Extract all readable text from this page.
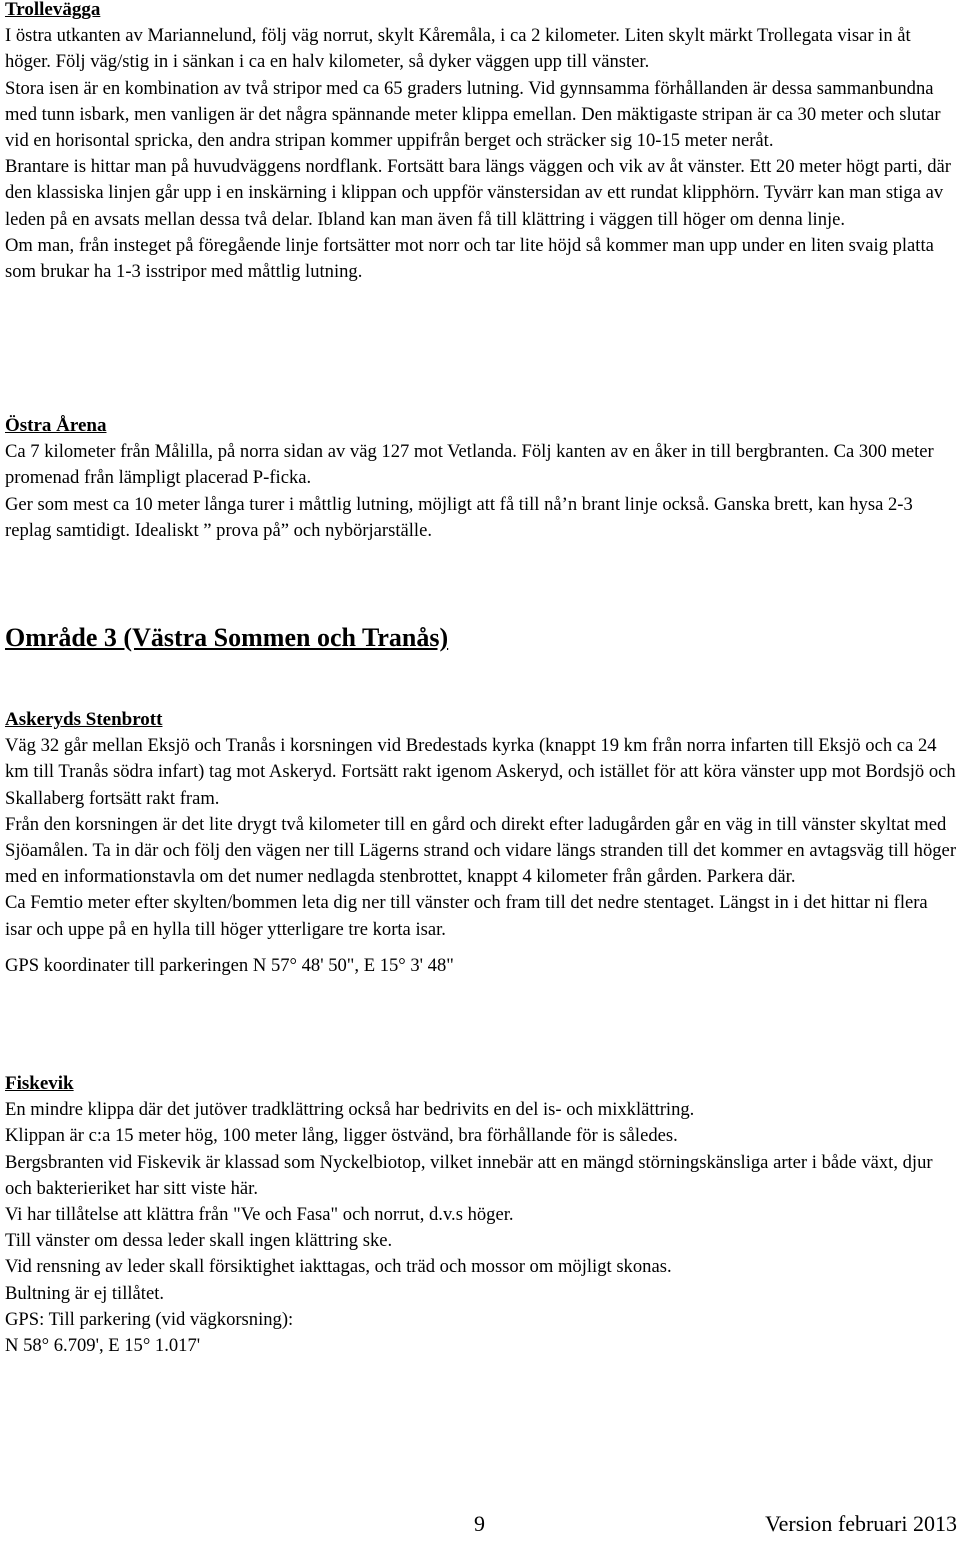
Trollevägga

I östra utkanten av Mariannelund, följ väg norrut, skylt Kåremåla, i ca 2 kilometer. Liten skylt märkt Trollegata visar in åt höger. Följ väg/stig in i sänkan i ca en halv kilometer, så dyker väggen upp till vänster.

Stora isen är en kombination av två stripor med ca 65 graders lutning. Vid gynnsamma förhållanden är dessa sammanbundna med tunn isbark, men vanligen är det några spännande meter klippa emellan. Den mäktigaste stripan är ca 30 meter och slutar vid en horisontal spricka, den andra stripan kommer uppifrån berget och sträcker sig 10-15 meter neråt.

Brantare is hittar man på huvudväggens nordflank. Fortsätt bara längs väggen och vik av åt vänster. Ett 20 meter högt parti, där den klassiska linjen går upp i en inskärning i klippan och uppför vänstersidan av ett rundat klipphörn. Tyvärr kan man stiga av leden på en avsats mellan dessa två delar. Ibland kan man även få till klättring i väggen till höger om denna linje.

Om man, från insteget på föregående linje fortsätter mot norr och tar lite höjd så kommer man upp under en liten svaig platta som brukar ha 1-3 isstripor med måttlig lutning.

Östra Årena

Ca 7 kilometer från Målilla, på norra sidan av väg 127 mot Vetlanda. Följ kanten av en åker in till bergbranten. Ca 300 meter promenad från lämpligt placerad P-ficka.

Ger som mest ca 10 meter långa turer i måttlig lutning, möjligt att få till nå’n brant linje också. Ganska brett, kan hysa 2-3 replag samtidigt. Idealiskt ” prova på” och nybörjarställe.

Område 3 (Västra Sommen och Tranås)

Askeryds Stenbrott

Väg 32 går mellan Eksjö och Tranås i korsningen vid Bredestads kyrka (knappt 19 km från norra infarten till Eksjö och ca 24 km till Tranås södra infart) tag mot Askeryd. Fortsätt rakt igenom Askeryd, och istället för att köra vänster upp mot Bordsjö och Skallaberg fortsätt rakt fram.

Från den korsningen är det lite drygt två kilometer till en gård och direkt efter ladugården går en väg in till vänster skyltat med Sjöamålen. Ta in där och följ den vägen ner till Lägerns strand och vidare längs stranden till det kommer en avtagsväg till höger med en informationstavla om det numer nedlagda stenbrottet, knappt 4 kilometer från gården. Parkera där.

Ca Femtio meter efter skylten/bommen leta dig ner till vänster och fram till det nedre stentaget. Längst in i det hittar ni flera isar och uppe på en hylla till höger ytterligare tre korta isar.

GPS koordinater till parkeringen N 57° 48' 50", E 15° 3' 48"

Fiskevik

En mindre klippa där det jutöver tradklättring också har bedrivits en del is- och mixklättring.

Klippan är c:a 15 meter hög, 100 meter lång, ligger östvänd, bra förhållande för is således.

Bergsbranten vid Fiskevik är klassad som Nyckelbiotop, vilket innebär att en mängd störningskänsliga arter i både växt, djur och bakterieriket har sitt viste här.

Vi har tillåtelse att klättra från "Ve och Fasa" och norrut, d.v.s höger.

Till vänster om dessa leder skall ingen klättring ske.

Vid rensning av leder skall försiktighet iakttagas, och träd och mossor om möjligt skonas.

Bultning är ej tillåtet.

GPS: Till parkering (vid vägkorsning):

N 58° 6.709', E 15° 1.017'

9	Version februari 2013
